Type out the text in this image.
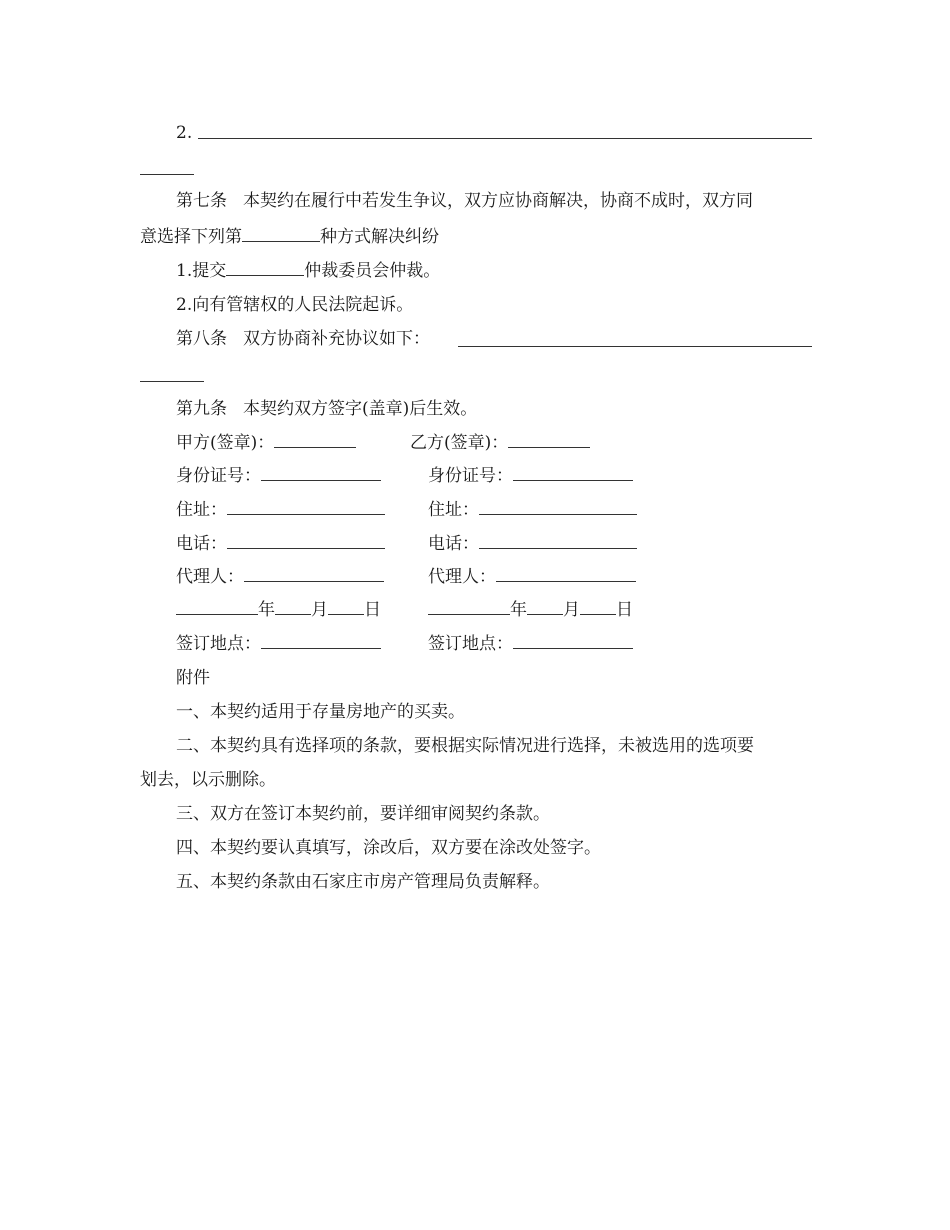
2.
第七条 本契约在履行中若发生争议，双方应协商解决，协商不成时，双方同
意选择下列第	种方式解决纠纷
1.提交	仲裁委员会仲裁。
2.向有管辖权的人民法院起诉。
第八条 双方协商补充协议如下：
第九条 本契约双方签字(盖章)后生效。
甲方(签章)：
身份证号：
住址：
电话：
代理人：
年 月 日
签订地点：
乙方(签章)：
身份证号：
住址：
电话：
代理人：
年 月 日
签订地点：
附件
一、本契约适用于存量房地产的买卖。
二、本契约具有选择项的条款，要根据实际情况进行选择，未被选用的选项要
划去，以示删除。
三、双方在签订本契约前，要详细审阅契约条款。
四、本契约要认真填写，涂改后，双方要在涂改处签字。
五、本契约条款由石家庄市房产管理局负责解释。
